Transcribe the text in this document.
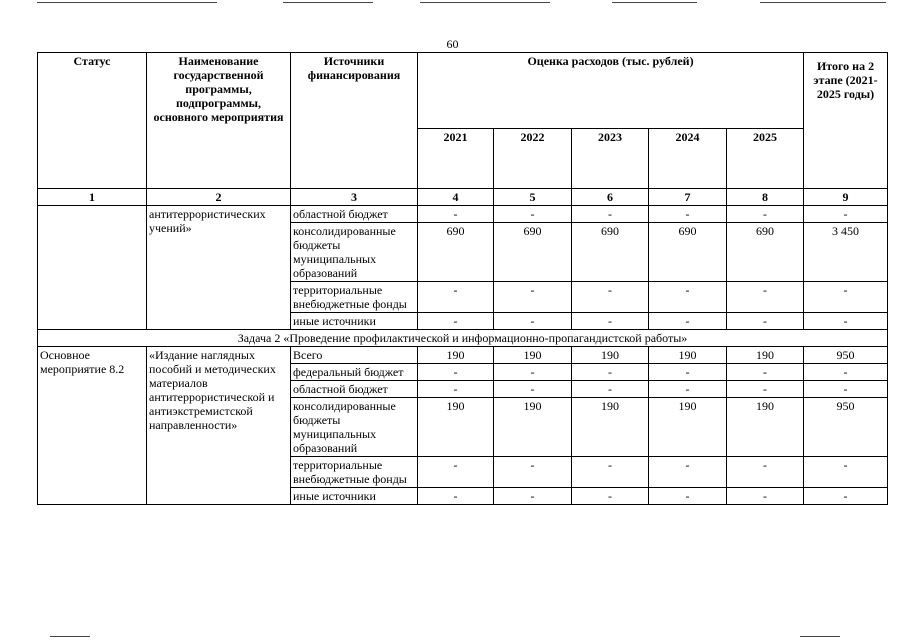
60
Статус	Наименование государственной программы, подпрограммы, основного мероприятия	Источники финансирования	Оценка расходов (тыс. рублей)					Итого на 2 этапе (2021-2025 годы)
			2021	2022	2023	2024	2025	
1	2	3	4	5	6	7	8	9
	антитеррористических учений»	областной бюджет	-	-	-	-	-	-
		консолидированные бюджеты муниципальных образований	690	690	690	690	690	3 450
		территориальные внебюджетные фонды	-	-	-	-	-	-
		иные источники	-	-	-	-	-	-
Задача 2 «Проведение профилактической и информационно-пропагандистской работы»								
Основное мероприятие 8.2	«Издание наглядных пособий и методических материалов антитеррористической и антиэкстремистской направленности»	Всего	190	190	190	190	190	950
		федеральный бюджет	-	-	-	-	-	-
		областной бюджет	-	-	-	-	-	-
		консолидированные бюджеты муниципальных образований	190	190	190	190	190	950
		территориальные внебюджетные фонды	-	-	-	-	-	-
		иные источники	-	-	-	-	-	-
